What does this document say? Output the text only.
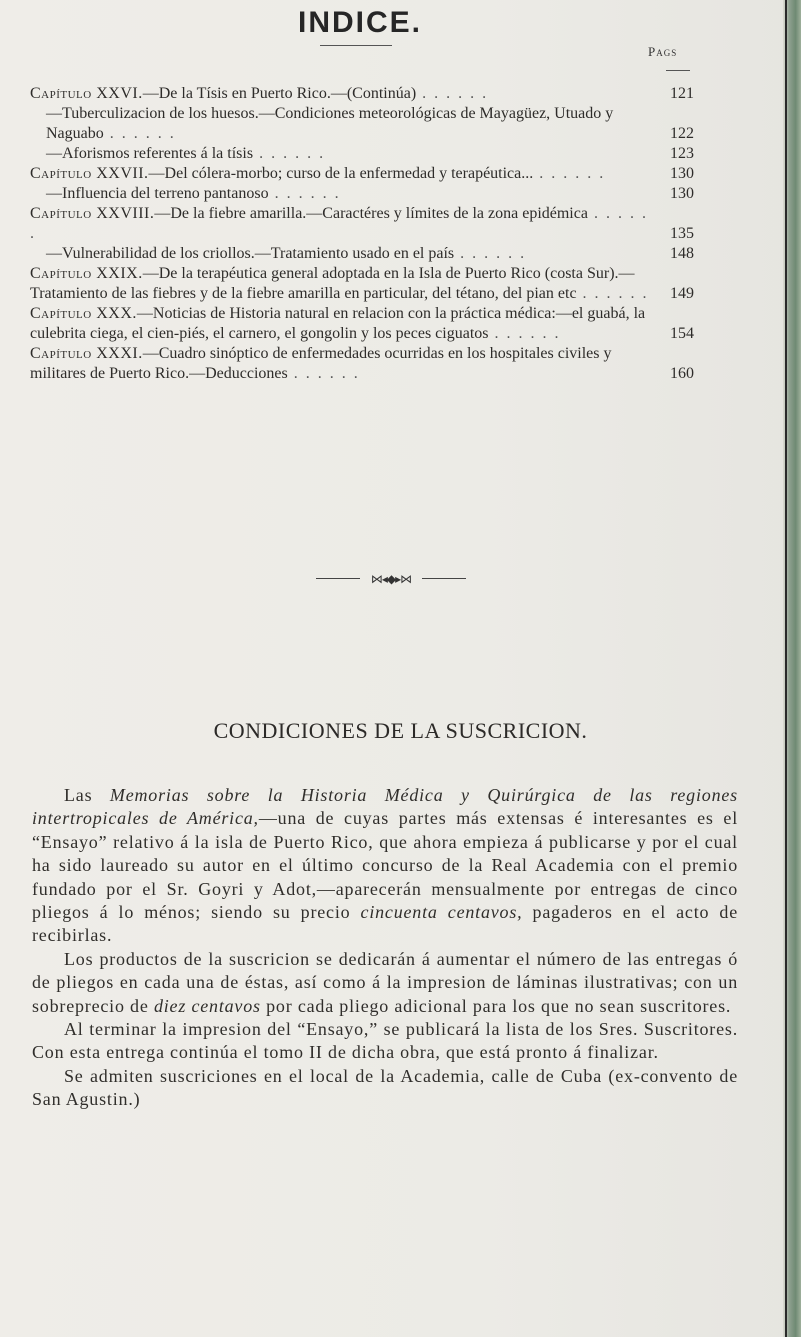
INDICE.
Pags
Capítulo XXVI.—De la Tísis en Puerto Rico.—(Continúa) . . . . . .	121
—Tuberculizacion de los huesos.—Condiciones meteorológicas de Mayagüez, Utuado y Naguabo . . . . . .	122
—Aforismos referentes á la tísis . . . . . .	123
Capítulo XXVII.—Del cólera-morbo; curso de la enfermedad y terapéutica... . . . . . .	130
—Influencia del terreno pantanoso . . . . . .	130
Capítulo XXVIII.—De la fiebre amarilla.—Caractéres y límites de la zona epidémica . . . . . .	135
—Vulnerabilidad de los criollos.—Tratamiento usado en el país . . . . . .	148
Capítulo XXIX.—De la terapéutica general adoptada en la Isla de Puerto Rico (costa Sur).—Tratamiento de las fiebres y de la fiebre amarilla en particular, del tétano, del pian etc . . . . . .	149
Capítulo XXX.—Noticias de Historia natural en relacion con la práctica médica:—el guabá, la culebrita ciega, el cien-piés, el carnero, el gongolin y los peces ciguatos . . . . . .	154
Capítulo XXXI.—Cuadro sinóptico de enfermedades ocurridas en los hospitales civiles y militares de Puerto Rico.—Deducciones . . . . . .	160
⋈◂◆▸⋈
CONDICIONES DE LA SUSCRICION.

Las Memorias sobre la Historia Médica y Quirúrgica de las regiones intertropicales de América,—una de cuyas partes más extensas é interesantes es el “Ensayo” relativo á la isla de Puerto Rico, que ahora empieza á publicarse y por el cual ha sido laureado su autor en el último concurso de la Real Academia con el premio fundado por el Sr. Goyri y Adot,—aparecerán mensualmente por entregas de cinco pliegos á lo ménos; siendo su precio cincuenta centavos, pagaderos en el acto de recibirlas.

Los productos de la suscricion se dedicarán á aumentar el número de las entregas ó de pliegos en cada una de éstas, así como á la impresion de láminas ilustrativas; con un sobreprecio de diez centavos por cada pliego adicional para los que no sean suscritores.

Al terminar la impresion del “Ensayo,” se publicará la lista de los Sres. Suscritores. Con esta entrega continúa el tomo II de dicha obra, que está pronto á finalizar.

Se admiten suscriciones en el local de la Academia, calle de Cuba (ex-convento de San Agustin.)
